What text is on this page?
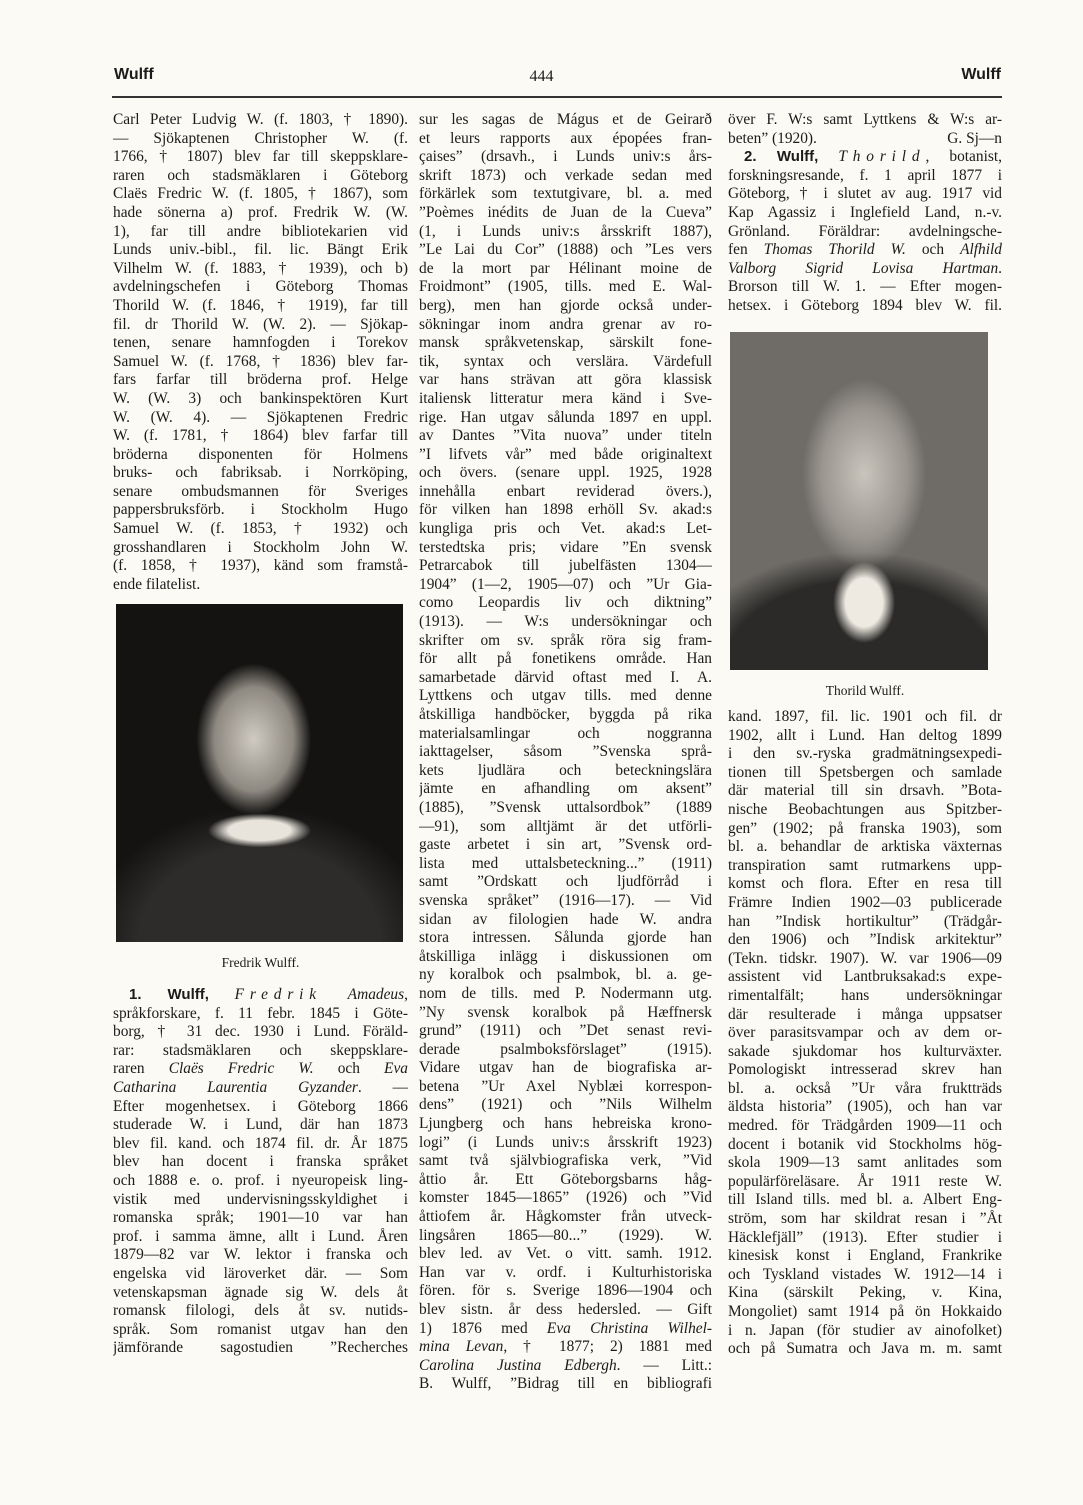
Wulff	444	Wulff
Carl Peter Ludvig W. (f. 1803, † 1890).
— Sjökaptenen Christopher W. (f.
1766, † 1807) blev far till skeppsklare-
raren och stadsmäklaren i Göteborg
Claës Fredric W. (f. 1805, † 1867), som
hade sönerna a) prof. Fredrik W. (W.
1), far till andre bibliotekarien vid
Lunds univ.-bibl., fil. lic. Bängt Erik
Vilhelm W. (f. 1883, † 1939), och b)
avdelningschefen i Göteborg Thomas
Thorild W. (f. 1846, † 1919), far till
fil. dr Thorild W. (W. 2). — Sjökap-
tenen, senare hamnfogden i Torekov
Samuel W. (f. 1768, † 1836) blev far-
fars farfar till bröderna prof. Helge
W. (W. 3) och bankinspektören Kurt
W. (W. 4). — Sjökaptenen Fredric
W. (f. 1781, † 1864) blev farfar till
bröderna disponenten för Holmens
bruks- och fabriksab. i Norrköping,
senare ombudsmannen för Sveriges
pappersbruksförb. i Stockholm Hugo
Samuel W. (f. 1853, † 1932) och
grosshandlaren i Stockholm John W.
(f. 1858, † 1937), känd som framstå-
ende filatelist.
Fredrik Wulff.
1. Wulff, Fredrik Amadeus,
språkforskare, f. 11 febr. 1845 i Göte-
borg, † 31 dec. 1930 i Lund. Föräld-
rar: stadsmäklaren och skeppsklare-
raren Claës Fredric W. och Eva
Catharina Laurentia Gyzander. —
Efter mogenhetsex. i Göteborg 1866
studerade W. i Lund, där han 1873
blev fil. kand. och 1874 fil. dr. År 1875
blev han docent i franska språket
och 1888 e. o. prof. i nyeuropeisk ling-
vistik med undervisningsskyldighet i
romanska språk; 1901—10 var han
prof. i samma ämne, allt i Lund. Åren
1879—82 var W. lektor i franska och
engelska vid läroverket där. — Som
vetenskapsman ägnade sig W. dels åt
romansk filologi, dels åt sv. nutids-
språk. Som romanist utgav han den
jämförande sagostudien ”Recherches
sur les sagas de Mágus et de Geirarð
et leurs rapports aux épopées fran-
çaises” (drsavh., i Lunds univ:s års-
skrift 1873) och verkade sedan med
förkärlek som textutgivare, bl. a. med
”Poèmes inédits de Juan de la Cueva”
(1, i Lunds univ:s årsskrift 1887),
”Le Lai du Cor” (1888) och ”Les vers
de la mort par Hélinant moine de
Froidmont” (1905, tills. med E. Wal-
berg), men han gjorde också under-
sökningar inom andra grenar av ro-
mansk språkvetenskap, särskilt fone-
tik, syntax och verslära. Värdefull
var hans strävan att göra klassisk
italiensk litteratur mera känd i Sve-
rige. Han utgav sålunda 1897 en uppl.
av Dantes ”Vita nuova” under titeln
”I lifvets vår” med både originaltext
och övers. (senare uppl. 1925, 1928
innehålla enbart reviderad övers.),
för vilken han 1898 erhöll Sv. akad:s
kungliga pris och Vet. akad:s Let-
terstedtska pris; vidare ”En svensk
Petrarcabok till jubelfästen 1304—
1904” (1—2, 1905—07) och ”Ur Gia-
como Leopardis liv och diktning”
(1913). — W:s undersökningar och
skrifter om sv. språk röra sig fram-
för allt på fonetikens område. Han
samarbetade därvid oftast med I. A.
Lyttkens och utgav tills. med denne
åtskilliga handböcker, byggda på rika
materialsamlingar och noggranna
iakttagelser, såsom ”Svenska språ-
kets ljudlära och beteckningslära
jämte en afhandling om aksent”
(1885), ”Svensk uttalsordbok” (1889
—91), som alltjämt är det utförli-
gaste arbetet i sin art, ”Svensk ord-
lista med uttalsbeteckning...” (1911)
samt ”Ordskatt och ljudförråd i
svenska språket” (1916—17). — Vid
sidan av filologien hade W. andra
stora intressen. Sålunda gjorde han
åtskilliga inlägg i diskussionen om
ny koralbok och psalmbok, bl. a. ge-
nom de tills. med P. Nodermann utg.
”Ny svensk koralbok på Hæffnersk
grund” (1911) och ”Det senast revi-
derade psalmboksförslaget” (1915).
Vidare utgav han de biografiska ar-
betena ”Ur Axel Nyblæi korrespon-
dens” (1921) och ”Nils Wilhelm
Ljungberg och hans hebreiska krono-
logi” (i Lunds univ:s årsskrift 1923)
samt två självbiografiska verk, ”Vid
åttio år. Ett Göteborgsbarns håg-
komster 1845—1865” (1926) och ”Vid
åttiofem år. Hågkomster från utveck-
lingsåren 1865—80...” (1929). W.
blev led. av Vet. o vitt. samh. 1912.
Han var v. ordf. i Kulturhistoriska
fören. för s. Sverige 1896—1904 och
blev sistn. år dess hedersled. — Gift
1) 1876 med Eva Christina Wilhel-
mina Levan, † 1877; 2) 1881 med
Carolina Justina Edbergh. — Litt.:
B. Wulff, ”Bidrag till en bibliografi
över F. W:s samt Lyttkens & W:s ar-
beten” (1920).	G. Sj—n
2. Wulff, Thorild, botanist,
forskningsresande, f. 1 april 1877 i
Göteborg, † i slutet av aug. 1917 vid
Kap Agassiz i Inglefield Land, n.-v.
Grönland. Föräldrar: avdelningsche-
fen Thomas Thorild W. och Alfhild
Valborg Sigrid Lovisa Hartman.
Brorson till W. 1. — Efter mogen-
hetsex. i Göteborg 1894 blev W. fil.
Thorild Wulff.
kand. 1897, fil. lic. 1901 och fil. dr
1902, allt i Lund. Han deltog 1899
i den sv.-ryska gradmätningsexpedi-
tionen till Spetsbergen och samlade
där material till sin drsavh. ”Bota-
nische Beobachtungen aus Spitzber-
gen” (1902; på franska 1903), som
bl. a. behandlar de arktiska växternas
transpiration samt rutmarkens upp-
komst och flora. Efter en resa till
Främre Indien 1902—03 publicerade
han ”Indisk hortikultur” (Trädgår-
den 1906) och ”Indisk arkitektur”
(Tekn. tidskr. 1907). W. var 1906—09
assistent vid Lantbruksakad:s expe-
rimentalfält; hans undersökningar
där resulterade i många uppsatser
över parasitsvampar och av dem or-
sakade sjukdomar hos kulturväxter.
Pomologiskt intresserad skrev han
bl. a. också ”Ur våra fruktträds
äldsta historia” (1905), och han var
medred. för Trädgården 1909—11 och
docent i botanik vid Stockholms hög-
skola 1909—13 samt anlitades som
populärföreläsare. År 1911 reste W.
till Island tills. med bl. a. Albert Eng-
ström, som har skildrat resan i ”Åt
Häcklefjäll” (1913). Efter studier i
kinesisk konst i England, Frankrike
och Tyskland vistades W. 1912—14 i
Kina (särskilt Peking, v. Kina,
Mongoliet) samt 1914 på ön Hokkaido
i n. Japan (för studier av ainofolket)
och på Sumatra och Java m. m. samt
